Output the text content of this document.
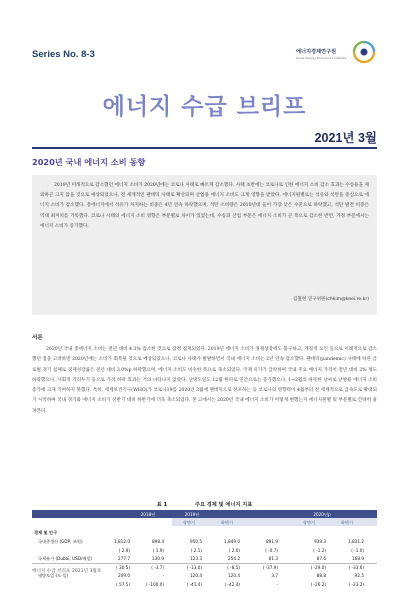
Series No. 8-3	에너지경제연구원
Korea Energy Economics Institute
에너지 수급 브리프
2021년 3월
2020년 국내 에너지 소비 동향
2019년 미래적으로 감소했던 에너지 소비가 2020년에는 코로나 사태로 빠르게 감소했다. 사태 초반에는 코로나로 인한 에너지 소비 감소 효과는 수송용을 제외하곤 크지 않을 것으로 예상되었으나, 전 세계적인 팬데믹 사태로 확산되며 산업용 에너지 소비도 크게 영향을 받았다. 에너지원별로는 석유와 석탄을 중심으로 에너지 소비가 감소했다. 총에너지에서 석유가 차지하는 비중은 4년 연속 하락했으며, 석탄 소비량은 2010년대 들어 가장 낮은 수준으로 하락했고, 석탄 발전 비중은 역대 최저치를 기록했다. 코로나 사태의 에너지 소비 영향은 부문별로 차이가 있었는데, 수송과 산업 부문은 에너지 소비가 큰 폭으로 감소한 반면, 가정 부문에서는 에너지 소비가 증가했다.
김철현 연구위원(chkim@keei.re.kr)
서론
2020년 국내 총에너지 소비는 전년 대비 4.3% 감소한 것으로 잠정 집계되었다. 2019년 에너지 소비가 경제성장에도 불구하고, 계절적 요인 등으로 이례적으로 감소했던 점을 고려하면 2020년에는 소비가 회복될 것으로 예상되었으나, 코로나 사태가 발발하면서 국내 에너지 소비는 2년 연속 감소했다. 팬데믹(pandemic) 사태에 따른 글로벌 경기 침체로 경제성장률은 전년 대비 3.0%p 하락했으며, 에너지 소비도 비슷한 폭으로 축소되었다. 국제 유가가 급락하며 국내 주요 에너지 가격이 전년 대비 2% 정도 하락했으나, 사회적 거리두기 등으로 가격 하락 효과는 거의 나타나지 않았다. 난방도일도 12월 한파로 연간으로는 증가했으나, 1~2월의 따뜻한 날씨로 난방용 에너지 소비 증가에 크게 기여하지 못했다. 특히, 세계보건기구(WHO)가 코로나19를 2020년 3월에 팬데믹으로 선포하는 등 코로나의 영향력이 4월부터 전 세계적으로 급속도로 확대되기 시작하며 국내 경기와 에너지 소비가 상반기 대비 하반기에 더욱 축소되었다. 본 고에서는 2020년 국내 에너지 소비가 어떻게 변했는지 에너지원별 및 부문별로 간략히 살펴본다.
표 1	주요 경제 및 에너지 지표
2018년	2019년	2020년p
상반기	하반기	상반기	하반기
경제 및 인구
국내총생산 (GDP, 조원)	1,812.0	898.4	950.5	1,849.0	891.9	939.3	1,831.2
( 2.9)	( 1.9)	( 2.1)	( 2.0)	( -0.7)	( -1.2)	( -1.0)
국제유가 (Dubai, USD/배럴)	277.7	130.9	123.3	254.2	81.3	87.6	168.9
( 30.5)	( -3.7)	( -13.0)	( -8.5)	( -37.9)	( -29.0)	( -33.6)
냉방도일 (도·일)	209.0	-	120.4	120.4	3.7	88.8	92.5
( 57.5)	( -100.0)	( -41.4)	( -42.4)	-	( -26.2)	( -23.2)
에너지 수급 브리프 2021년 3월호
